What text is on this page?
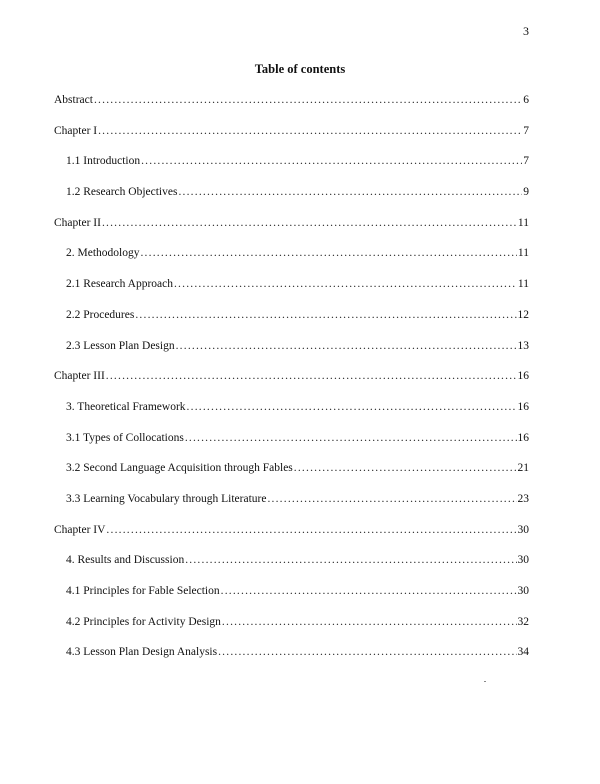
3
Table of contents
Abstract .....	6
Chapter I .....	7
1.1 Introduction .....	7
1.2 Research Objectives .....	9
Chapter II .....	11
2. Methodology .....	11
2.1 Research Approach .....	11
2.2 Procedures .....	12
2.3 Lesson Plan Design .....	13
Chapter III .....	16
3. Theoretical Framework .....	16
3.1 Types of Collocations .....	16
3.2 Second Language Acquisition through Fables .....	21
3.3 Learning Vocabulary through Literature .....	23
Chapter IV .....	30
4. Results and Discussion .....	30
4.1 Principles for Fable Selection .....	30
4.2 Principles for Activity Design .....	32
4.3 Lesson Plan Design Analysis .....	34
